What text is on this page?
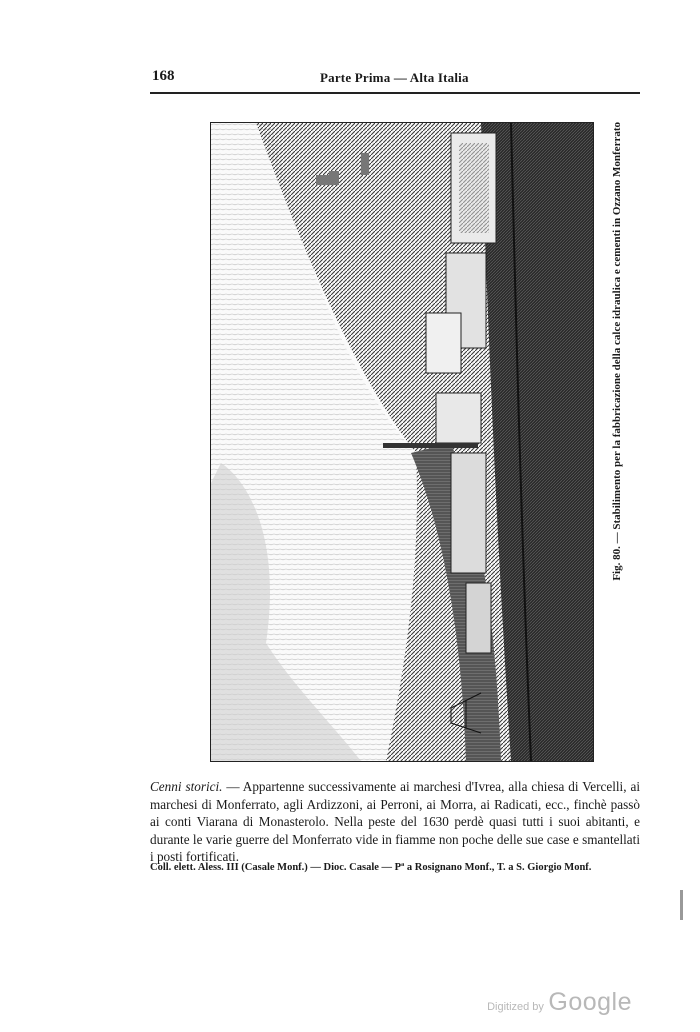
168	Parte Prima — Alta Italia
Fig. 80. — Stabilimento per la fabbricazione della calce idraulica e cementi in Ozzano Monferrato
Cenni storici. — Appartenne successivamente ai marchesi d'Ivrea, alla chiesa di Vercelli, ai marchesi di Monferrato, agli Ardizzoni, ai Perroni, ai Morra, ai Radicati, ecc., finchè passò ai conti Viarana di Monasterolo. Nella peste del 1630 perdè quasi tutti i suoi abitanti, e durante le varie guerre del Monferrato vide in fiamme non poche delle sue case e smantellati i posti fortificati.
Coll. elett. Aless. III (Casale Monf.) — Dioc. Casale — Pª a Rosignano Monf., T. a S. Giorgio Monf.
Digitized by Google
